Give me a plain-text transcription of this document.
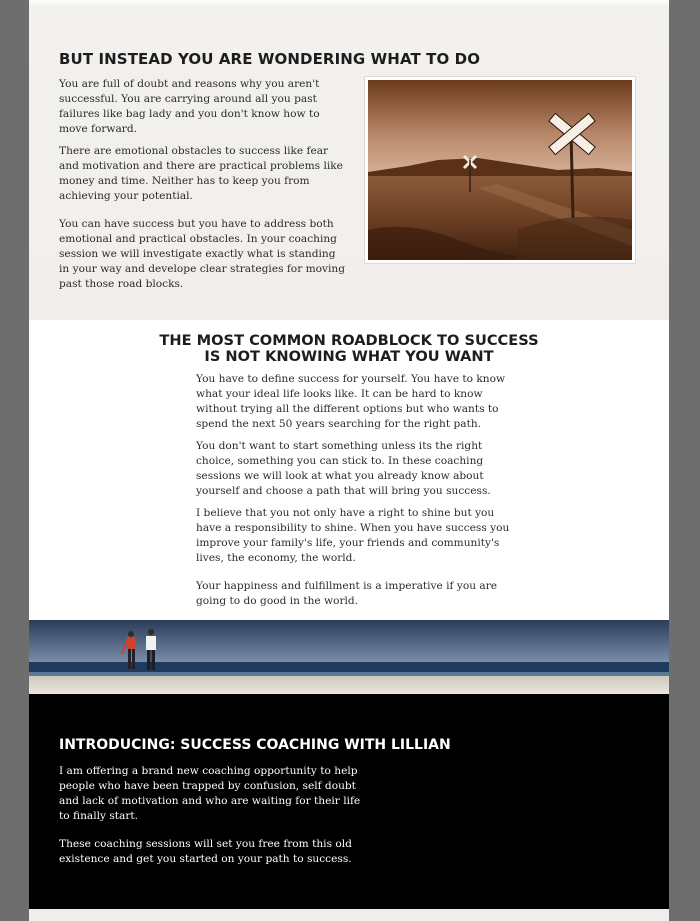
BUT INSTEAD YOU ARE WONDERING WHAT TO DO

You are full of doubt and reasons why you aren't successful. You are carrying around all you past failures like bag lady and you don't know how to move forward.

There are emotional obstacles to success like fear and motivation and there are practical problems like money and time. Neither has to keep you from achieving your potential.

You can have success but you have to address both emotional and practical obstacles. In your coaching session we will investigate exactly what is standing in your way and develope clear strategies for moving past those road blocks.

THE MOST COMMON ROADBLOCK TO SUCCESS
IS NOT KNOWING WHAT YOU WANT

You have to define success for yourself. You have to know what your ideal life looks like. It can be hard to know without trying all the different options but who wants to spend the next 50 years searching for the right path.

You don't want to start something unless its the right choice, something you can stick to. In these coaching sessions we will look at what you already know about yourself and choose a path that will bring you success.

I believe that you not only have a right to shine but you have a responsibility to shine. When you have success you improve your family's life, your friends and community's lives, the economy, the world.

Your happiness and fulfillment is a imperative if you are going to do good in the world.

INTRODUCING: SUCCESS COACHING WITH LILLIAN

I am offering a brand new coaching opportunity to help people who have been trapped by confusion, self doubt and lack of motivation and who are waiting for their life to finally start.

These coaching sessions will set you free from this old existence and get you started on your path to success.
